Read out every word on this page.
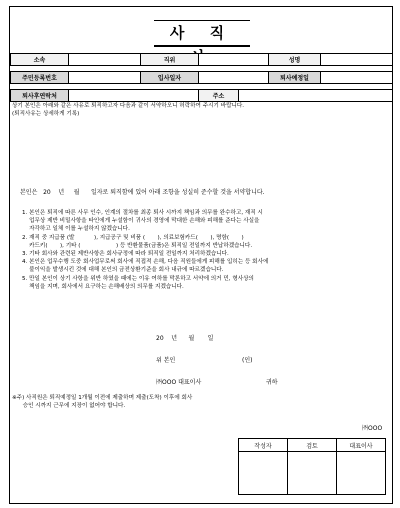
사 직
소속		직위		성명	
주민등록번호		입사일자		퇴사예정일	
퇴사후연락처		주소	

상기 본인은 아래와 같은 사유로 퇴직하고자 다음과 같이 서약하오니 허락하여 주시기 바랍니다.

(퇴직사유는 상세하게 기록)

본인은   20    년     월      일자로 퇴직함에 있어 아래 조항을 성실히 준수할 것을 서약합니다.

1. 본인은 퇴직에 따른 사무 인수, 인계의 절차를 최종 퇴사 시까지 책임과 의무를 완수하고, 재직 시

업무상 제반 비밀사항을 타인에게 누설함이 귀사의 경영에 막대한 손해와 피해를 준다는 사실을

자각하고 일체 이를 누설하지 않겠습니다.

2. 재직 중 지급품 (발           ), 지급공구 및 비품 (       ), 의료보험카드(       ), 명함(       )

카드키(       ), 기타 (                    ) 등 반환물품(금품)은 퇴직일 전일까지 반납하겠습니다.

3. 기타 회사와 관련된 제반사항은 회사규정에 따라 퇴직일 전일까지 처리하겠습니다.

4. 본인은 업무수행 도중 회사업무로써 회사에 직접적 손해, 다음 직원들에게 피해를 입히는 등 회사에

불이익을 발생시킨 것에 대해 본인의 금전상환기준을 회사 내규에 따르겠습니다.

5. 만일 본인이 상기 사항을 위반 하였을 때에는 이유 여하를 막론하고 서약에 의거 민, 형사상의

책임을 지며, 회사에서 요구하는 손해배상의 의무를 지겠습니다.

20    년      월       일
위 본인	(인)
㈜OOO 대표이사	귀하
※주) 사직원은 퇴직예정일 1개월 이전에 제출하며 제출(도착) 이후에 회사
승인 시까지 근무에 지장이 없어야 합니다.
㈜OOO
작성자	검토	대표이사
